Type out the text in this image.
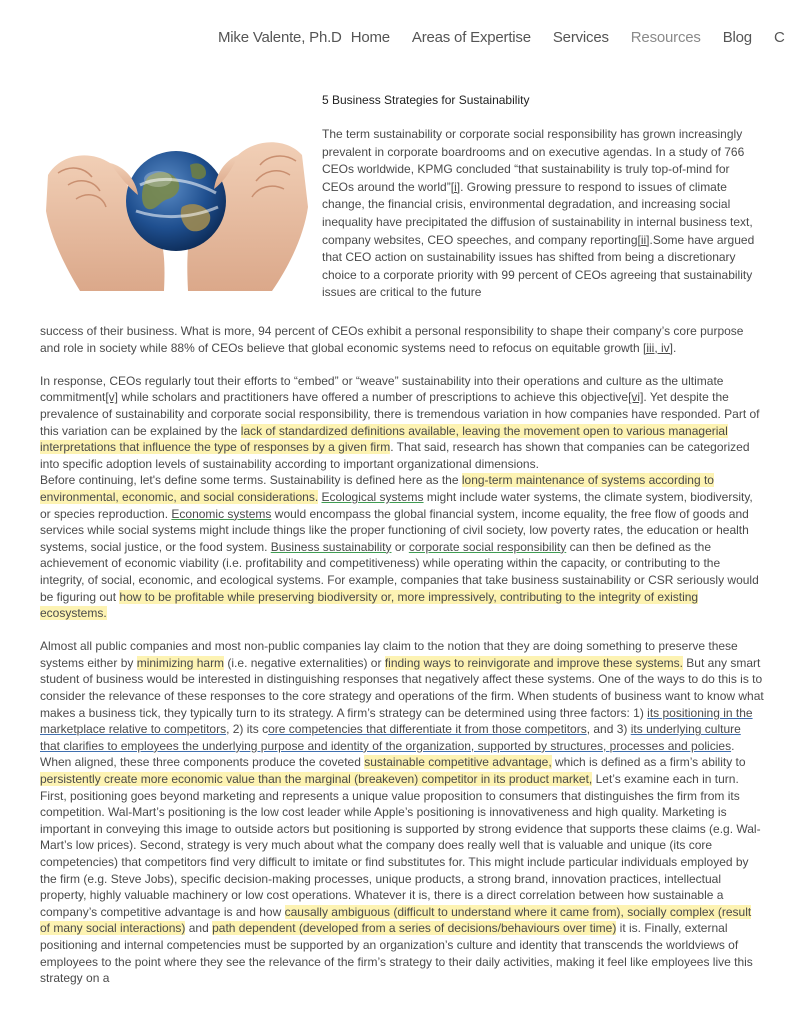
Mike Valente, Ph.D Home Areas of Expertise Services Resources Blog C
5 Business Strategies for Sustainability

The term sustainability or corporate social responsibility has grown increasingly prevalent in corporate boardrooms and on executive agendas. In a study of 766 CEOs worldwide, KPMG concluded “that sustainability is truly top-of-mind for CEOs around the world”[i]. Growing pressure to respond to issues of climate change, the financial crisis, environmental degradation, and increasing social inequality have precipitated the diffusion of sustainability in internal business text, company websites, CEO speeches, and company reporting[ii].Some have argued that CEO action on sustainability issues has shifted from being a discretionary choice to a corporate priority with 99 percent of CEOs agreeing that sustainability issues are critical to the future

success of their business. What is more, 94 percent of CEOs exhibit a personal responsibility to shape their company’s core purpose and role in society while 88% of CEOs believe that global economic systems need to refocus on equitable growth [iii, iv].

In response, CEOs regularly tout their efforts to “embed” or “weave” sustainability into their operations and culture as the ultimate commitment[v] while scholars and practitioners have offered a number of prescriptions to achieve this objective[vi]. Yet despite the prevalence of sustainability and corporate social responsibility, there is tremendous variation in how companies have responded. Part of this variation can be explained by the lack of standardized definitions available, leaving the movement open to various managerial interpretations that influence the type of responses by a given firm. That said, research has shown that companies can be categorized into specific adoption levels of sustainability according to important organizational dimensions.

Before continuing, let's define some terms. Sustainability is defined here as the long-term maintenance of systems according to environmental, economic, and social considerations. Ecological systems might include water systems, the climate system, biodiversity, or species reproduction. Economic systems would encompass the global financial system, income equality, the free flow of goods and services while social systems might include things like the proper functioning of civil society, low poverty rates, the education or health systems, social justice, or the food system. Business sustainability or corporate social responsibility can then be defined as the achievement of economic viability (i.e. profitability and competitiveness) while operating within the capacity, or contributing to the integrity, of social, economic, and ecological systems. For example, companies that take business sustainability or CSR seriously would be figuring out how to be profitable while preserving biodiversity or, more impressively, contributing to the integrity of existing ecosystems.

Almost all public companies and most non-public companies lay claim to the notion that they are doing something to preserve these systems either by minimizing harm (i.e. negative externalities) or finding ways to reinvigorate and improve these systems. But any smart student of business would be interested in distinguishing responses that negatively affect these systems. One of the ways to do this is to consider the relevance of these responses to the core strategy and operations of the firm. When students of business want to know what makes a business tick, they typically turn to its strategy. A firm’s strategy can be determined using three factors: 1) its positioning in the marketplace relative to competitors, 2) its core competencies that differentiate it from those competitors, and 3) its underlying culture that clarifies to employees the underlying purpose and identity of the organization, supported by structures, processes and policies. When aligned, these three components produce the coveted sustainable competitive advantage, which is defined as a firm’s ability to persistently create more economic value than the marginal (breakeven) competitor in its product market, Let’s examine each in turn. First, positioning goes beyond marketing and represents a unique value proposition to consumers that distinguishes the firm from its competition. Wal-Mart’s positioning is the low cost leader while Apple’s positioning is innovativeness and high quality. Marketing is important in conveying this image to outside actors but positioning is supported by strong evidence that supports these claims (e.g. Wal-Mart’s low prices). Second, strategy is very much about what the company does really well that is valuable and unique (its core competencies) that competitors find very difficult to imitate or find substitutes for. This might include particular individuals employed by the firm (e.g. Steve Jobs), specific decision-making processes, unique products, a strong brand, innovation practices, intellectual property, highly valuable machinery or low cost operations. Whatever it is, there is a direct correlation between how sustainable a company’s competitive advantage is and how causally ambiguous (difficult to understand where it came from), socially complex (result of many social interactions) and path dependent (developed from a series of decisions/behaviours over time) it is. Finally, external positioning and internal competencies must be supported by an organization’s culture and identity that transcends the worldviews of employees to the point where they see the relevance of the firm’s strategy to their daily activities, making it feel like employees live this strategy on a
